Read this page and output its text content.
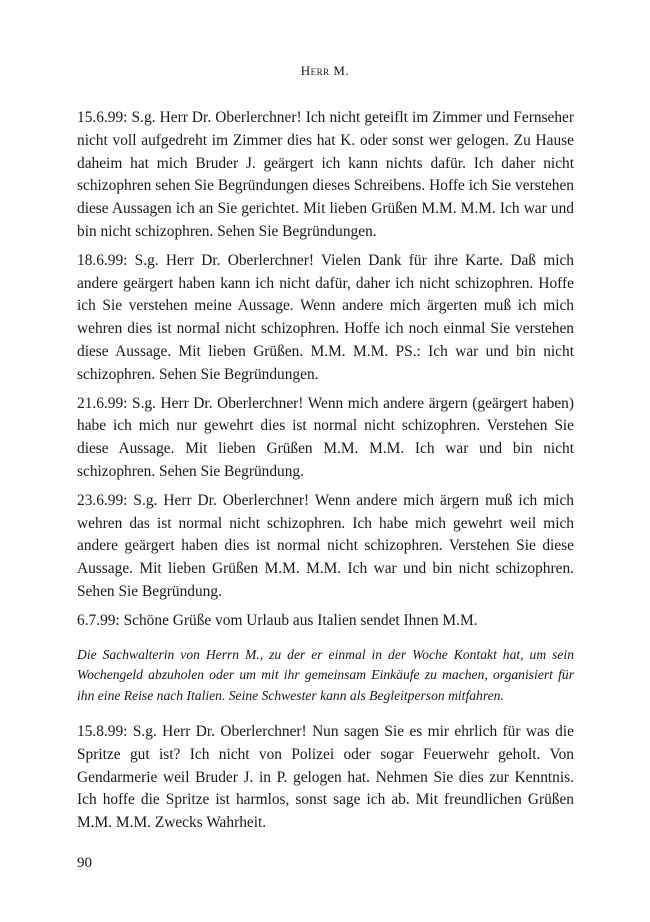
Herr M.

15.6.99: S.g. Herr Dr. Oberlerchner! Ich nicht geteiflt im Zimmer und Fernseher nicht voll aufgedreht im Zimmer dies hat K. oder sonst wer gelogen. Zu Hause daheim hat mich Bruder J. geärgert ich kann nichts dafür. Ich daher nicht schizophren sehen Sie Begründungen dieses Schreibens. Hoffe ich Sie verstehen diese Aussagen ich an Sie gerichtet. Mit lieben Grüßen M.M. M.M. Ich war und bin nicht schizophren. Sehen Sie Begründungen.

18.6.99: S.g. Herr Dr. Oberlerchner! Vielen Dank für ihre Karte. Daß mich andere geärgert haben kann ich nicht dafür, daher ich nicht schizophren. Hoffe ich Sie verstehen meine Aussage. Wenn andere mich ärgerten muß ich mich wehren dies ist normal nicht schizophren. Hoffe ich noch einmal Sie verstehen diese Aussage. Mit lieben Grüßen. M.M. M.M. PS.: Ich war und bin nicht schizophren. Sehen Sie Begründungen.

21.6.99: S.g. Herr Dr. Oberlerchner! Wenn mich andere ärgern (geärgert haben) habe ich mich nur gewehrt dies ist normal nicht schizophren. Verstehen Sie diese Aussage. Mit lieben Grüßen M.M. M.M. Ich war und bin nicht schizophren. Sehen Sie Begründung.

23.6.99: S.g. Herr Dr. Oberlerchner! Wenn andere mich ärgern muß ich mich wehren das ist normal nicht schizophren. Ich habe mich gewehrt weil mich andere geärgert haben dies ist normal nicht schizophren. Verstehen Sie diese Aussage. Mit lieben Grüßen M.M. M.M. Ich war und bin nicht schizophren. Sehen Sie Begründung.

6.7.99: Schöne Grüße vom Urlaub aus Italien sendet Ihnen M.M.

Die Sachwalterin von Herrn M., zu der er einmal in der Woche Kontakt hat, um sein Wochengeld abzuholen oder um mit ihr gemeinsam Einkäufe zu machen, organisiert für ihn eine Reise nach Italien. Seine Schwester kann als Begleitperson mitfahren.

15.8.99: S.g. Herr Dr. Oberlerchner! Nun sagen Sie es mir ehrlich für was die Spritze gut ist? Ich nicht von Polizei oder sogar Feuerwehr geholt. Von Gendarmerie weil Bruder J. in P. gelogen hat. Nehmen Sie dies zur Kenntnis. Ich hoffe die Spritze ist harmlos, sonst sage ich ab. Mit freundlichen Grüßen M.M. M.M. Zwecks Wahrheit.

90
